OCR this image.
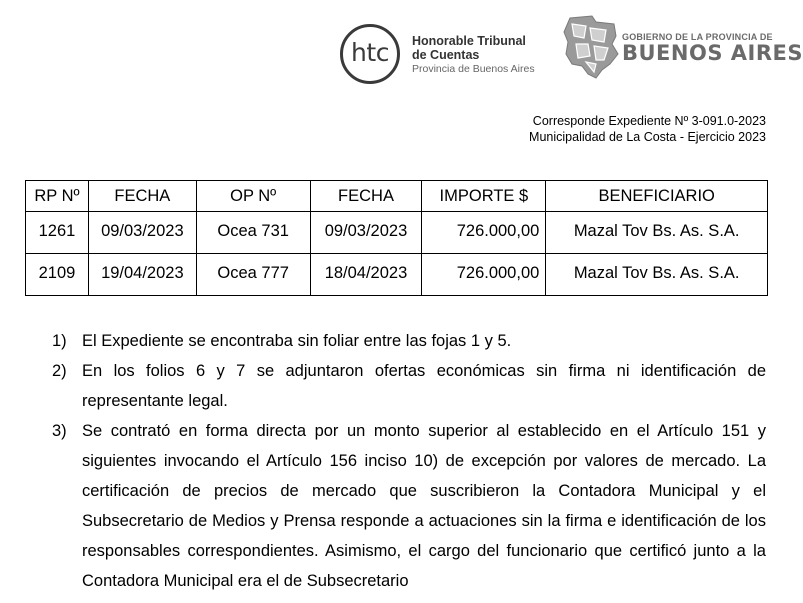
htc Honorable Tribunal
de Cuentas
Provincia de Buenos Aires
GOBIERNO DE LA PROVINCIA DE
BUENOS AIRES
Corresponde Expediente Nº 3-091.0-2023
Municipalidad de La Costa - Ejercicio 2023
RP Nº	FECHA	OP Nº	FECHA	IMPORTE $	BENEFICIARIO
1261	09/03/2023	Ocea 731	09/03/2023	726.000,00	Mazal Tov Bs. As. S.A.
2109	19/04/2023	Ocea 777	18/04/2023	726.000,00	Mazal Tov Bs. As. S.A.
1) El Expediente se encontraba sin foliar entre las fojas 1 y 5.
2) En los folios 6 y 7 se adjuntaron ofertas económicas sin firma ni identificación de representante legal.
3) Se contrató en forma directa por un monto superior al establecido en el Artículo 151 y siguientes invocando el Artículo 156 inciso 10) de excepción por valores de mercado. La certificación de precios de mercado que suscribieron la Contadora Municipal y el Subsecretario de Medios y Prensa responde a actuaciones sin la firma e identificación de los responsables correspondientes. Asimismo, el cargo del funcionario que certificó junto a la Contadora Municipal era el de Subsecretario
